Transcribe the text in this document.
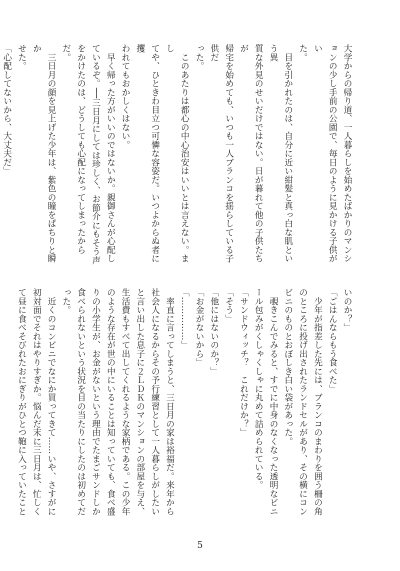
大学からの帰り道、一人暮らしを始めたばかりのマンシ

ョンの少し手前の公園で、毎日のように見かける子供がい

た。

　目を引かれたのは、自分に近い紺髪と真っ白な肌という異

質な外見のせいだけではない。日が暮れて他の子供たちが

帰宅を始めても、いつも一人ブランコを揺らしている子供だ

った。

　このあたりは都心の中心治安はいいとは言えない。まし

てや、ひときわ目立つ可憐な容姿だ。いつよからぬ者に攫

われてもおかしくはない。

　早く帰った方がいいのではないか。親御さんが心配し

ているぞ。──三日月にしては珍しく、お節介にもそう声

をかけたのは、どうしても心配になってしまったからだ。

　三日月の顔を見上げた少年は、紫色の瞳をぱちりと瞬か

せた。

「心配してないから、大丈夫だ」

いのか？」

「ごはんならもう食べた」

　少年が指差した先には、ブランコのまわりを囲う柵の角

のところに投げ出されたランドセルがあり、その横にコン

ビニのものとおぼしき白い袋があった。

　覗きこんでみると、すでに中身のなくなった透明なビニ

ール包みがくしゃくしゃに丸めて詰められている。

「サンドウィッチ？　これだけか？」

「そう」

「他にはないのか？」

「お金がないから」

「……………」

　率直に言ってしまうと、三日月の家は裕福だ。来年から

社会人になるからその予行練習として一人暮らしがしたい

と言い出した息子に２ＬＤＫのマンションの部屋を与え、

生活費もすべて出してくれるような家柄である。この少年

のような存在が世の中にいることは知っていても、食べ盛

りの小学生が、お金がないという理由でたまごサンドしか

食べられないという状況を目の当たりにしたのは初めてだ

った。

　近くのコンビニでなにか買ってきて……いや、さすがに

初対面でそれはやりすぎか。悩んだ末に三日月は、忙しく

て昼に食べそびれたおにぎりがひとつ鞄に入っていたこと

5
